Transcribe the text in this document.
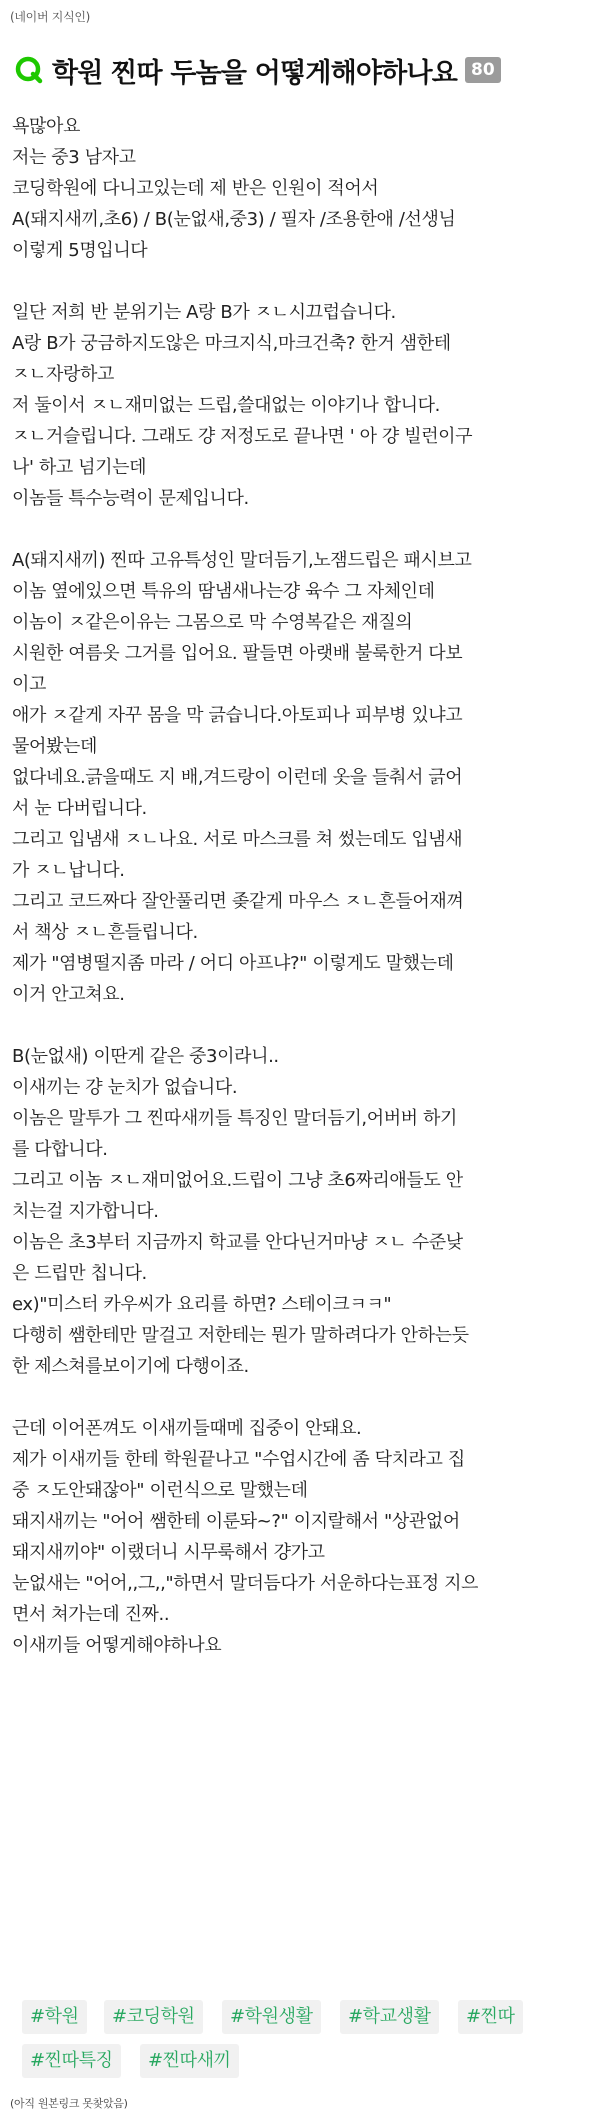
(네이버 지식인)
학원 찐따 두놈을 어떻게해야하나요 80
욕많아요
저는 중3 남자고
코딩학원에 다니고있는데 제 반은 인원이 적어서
A(돼지새끼,초6) / B(눈없새,중3) / 필자 /조용한애 /선생님
이렇게 5명입니다
일단 저희 반 분위기는 A랑 B가 ㅈㄴ시끄럽습니다.
A랑 B가 궁금하지도않은 마크지식,마크건축? 한거 샘한테
ㅈㄴ자랑하고
저 둘이서 ㅈㄴ재미없는 드립,쓸대없는 이야기나 합니다.
ㅈㄴ거슬립니다. 그래도 걍 저정도로 끝나면 ' 아 걍 빌런이구
나' 하고 넘기는데
이놈들 특수능력이 문제입니다.
A(돼지새끼) 찐따 고유특성인 말더듬기,노잼드립은 패시브고
이놈 옆에있으면 특유의 땀냄새나는걍 육수 그 자체인데
이놈이 ㅈ같은이유는 그몸으로 막 수영복같은 재질의
시원한 여름옷 그거를 입어요. 팔들면 아랫배 불룩한거 다보
이고
애가 ㅈ같게 자꾸 몸을 막 긁습니다.아토피나 피부병 있냐고
물어봤는데
없다네요.긁을때도 지 배,겨드랑이 이런데 옷을 들춰서 긁어
서 눈 다버립니다.
그리고 입냄새 ㅈㄴ나요. 서로 마스크를 쳐 썼는데도 입냄새
가 ㅈㄴ납니다.
그리고 코드짜다 잘안풀리면 좆같게 마우스 ㅈㄴ흔들어재껴
서 책상 ㅈㄴ흔들립니다.
제가 "염병떨지좀 마라 / 어디 아프냐?" 이렇게도 말했는데
이거 안고쳐요.
B(눈없새) 이딴게 같은 중3이라니..
이새끼는 걍 눈치가 없습니다.
이놈은 말투가 그 찐따새끼들 특징인 말더듬기,어버버 하기
를 다합니다.
그리고 이놈 ㅈㄴ재미없어요.드립이 그냥 초6짜리애들도 안
치는걸 지가합니다.
이놈은 초3부터 지금까지 학교를 안다닌거마냥 ㅈㄴ 수준낮
은 드립만 칩니다.
ex)"미스터 카우씨가 요리를 하면? 스테이크ㅋㅋ"
다행히 쌤한테만 말걸고 저한테는 뭔가 말하려다가 안하는듯
한 제스쳐를보이기에 다행이죠.
근데 이어폰껴도 이새끼들때메 집중이 안돼요.
제가 이새끼들 한테 학원끝나고 "수업시간에 좀 닥치라고 집
중 ㅈ도안돼잖아" 이런식으로 말했는데
돼지새끼는 "어어 쌤한테 이룬돠~?" 이지랄해서 "상관없어
돼지새끼야" 이랬더니 시무룩해서 걍가고
눈없새는 "어어,,그,,"하면서 말더듬다가 서운하다는표정 지으
면서 쳐가는데 진짜..
이새끼들 어떻게해야하나요
#학원	#코딩학원	#학원생활	#학교생활	#찐따
#찐따특징	#찐따새끼
(아직 원본링크 못찾았음)
